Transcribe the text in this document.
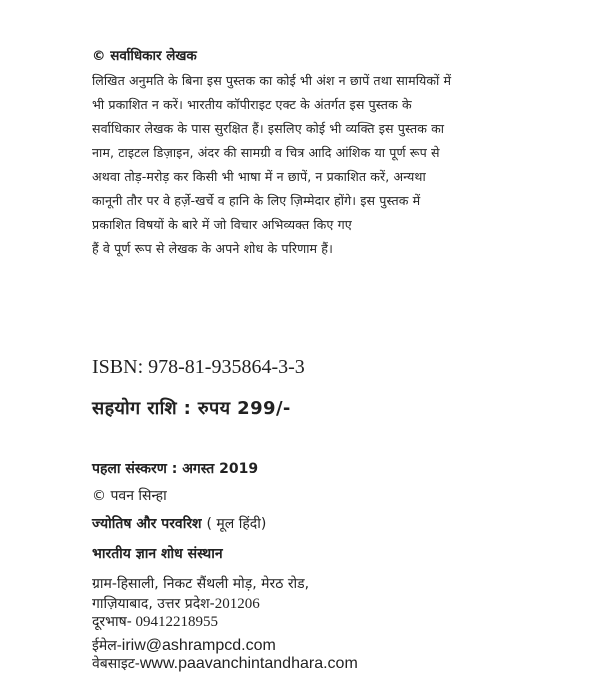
© सर्वाधिकार लेखक
लिखित अनुमति के बिना इस पुस्तक का कोई भी अंश न छापें तथा सामयिकों में
भी प्रकाशित न करें। भारतीय कॉपीराइट एक्ट के अंतर्गत इस पुस्तक के
सर्वाधिकार लेखक के पास सुरक्षित हैं। इसलिए कोई भी व्यक्ति इस पुस्तक का
नाम, टाइटल डिज़ाइन, अंदर की सामग्री व चित्र आदि आंशिक या पूर्ण रूप से
अथवा तोड़-मरोड़ कर किसी भी भाषा में न छापें, न प्रकाशित करें, अन्यथा
कानूनी तौर पर वे हर्ज़े-खर्चे व हानि के लिए ज़िम्मेदार होंगे। इस पुस्तक में
प्रकाशित विषयों के बारे में जो विचार अभिव्यक्त किए गए
हैं वे पूर्ण रूप से लेखक के अपने शोध के परिणाम हैं।
ISBN: 978-81-935864-3-3
सहयोग राशि : रुपय 299/-
पहला संस्करण : अगस्त 2019
© पवन सिन्हा
ज्योतिष और परवरिश ( मूल हिंदी)
भारतीय ज्ञान शोध संस्थान
ग्राम-हिसाली, निकट सैंथली मोड़, मेरठ रोड,
गाज़ियाबाद, उत्तर प्रदेश-201206
दूरभाष- 09412218955
ईमेल-iriw@ashrampcd.com
वेबसाइट-www.paavanchintandhara.com
